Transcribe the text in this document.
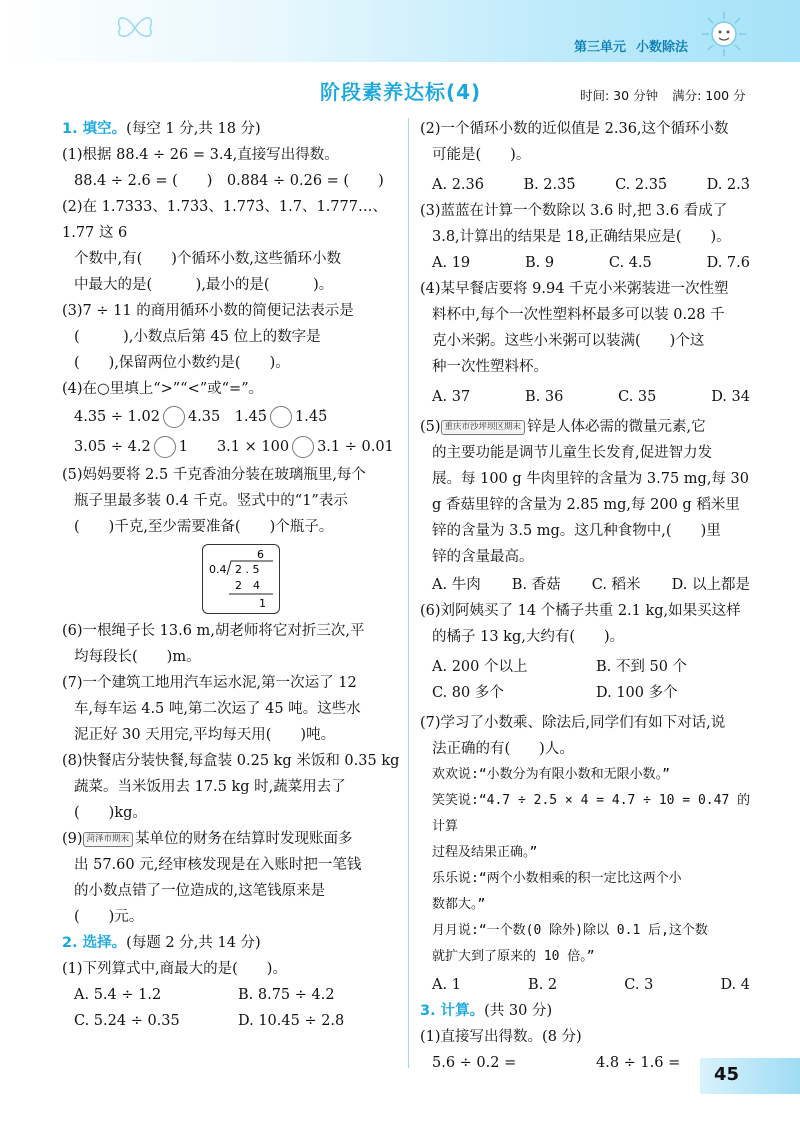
第三单元 小数除法
阶段素养达标(4)	时间: 30 分钟 满分: 100 分

1. 填空。(每空 1 分,共 18 分)

(1)根据 88.4 ÷ 26 = 3.4,直接写出得数。

88.4 ÷ 2.6 = (　　)　0.884 ÷ 0.26 = (　　)

(2)在 1.7333、1.73̇3̇、1.77̇3̇、1.7、1.777…、1.77 这 6

个数中,有(　　)个循环小数,这些循环小数

中最大的是(　　　),最小的是(　　　)。

(3)7 ÷ 11 的商用循环小数的简便记法表示是

(　　　),小数点后第 45 位上的数字是

(　　),保留两位小数约是(　　)。

(4)在○里填上“>”“<”或“=”。

4.35 ÷ 1.02 4.35　1.45̇ 1.4̇5̇

3.05 ÷ 4.2 1　　3.1 × 100 3.1 ÷ 0.01

(5)妈妈要将 2.5 千克香油分装在玻璃瓶里,每个

瓶子里最多装 0.4 千克。竖式中的“1”表示

(　　)千克,至少需要准备(　　)个瓶子。

6
0.4 2 . 5
2　4
1

(6)一根绳子长 13.6 m,胡老师将它对折三次,平

均每段长(　　)m。

(7)一个建筑工地用汽车运水泥,第一次运了 12

车,每车运 4.5 吨,第二次运了 45 吨。这些水

泥正好 30 天用完,平均每天用(　　)吨。

(8)快餐店分装快餐,每盒装 0.25 kg 米饭和 0.35 kg

蔬菜。当米饭用去 17.5 kg 时,蔬菜用去了

(　　)kg。

(9) 菏泽市期末 某单位的财务在结算时发现账面多

出 57.60 元,经审核发现是在入账时把一笔钱

的小数点错了一位造成的,这笔钱原来是

(　　)元。

2. 选择。(每题 2 分,共 14 分)

(1)下列算式中,商最大的是(　　)。

A. 5.4 ÷ 1.2	B. 8.75 ÷ 4.2
C. 5.24 ÷ 0.35	D. 10.45 ÷ 2.8

(2)一个循环小数的近似值是 2.36,这个循环小数

可能是(　　)。

A. 2.36̇	B. 2.3̇5̇	C. 2.35̇	D. 2.3̇

(3)蓝蓝在计算一个数除以 3.6 时,把 3.6 看成了

3.8,计算出的结果是 18,正确结果应是(　　)。

A. 19	B. 9	C. 4.5	D. 7.6

(4)某早餐店要将 9.94 千克小米粥装进一次性塑

料杯中,每个一次性塑料杯最多可以装 0.28 千

克小米粥。这些小米粥可以装满(　　)个这

种一次性塑料杯。

A. 37	B. 36	C. 35	D. 34

(5) 重庆市沙坪坝区期末 锌是人体必需的微量元素,它

的主要功能是调节儿童生长发育,促进智力发

展。每 100 g 牛肉里锌的含量为 3.75 mg,每 30

g 香菇里锌的含量为 2.85 mg,每 200 g 稻米里

锌的含量为 3.5 mg。这几种食物中,(　　)里

锌的含量最高。

A. 牛肉 B. 香菇 C. 稻米 D. 以上都是

(6)刘阿姨买了 14 个橘子共重 2.1 kg,如果买这样

的橘子 13 kg,大约有(　　)。

A. 200 个以上	B. 不到 50 个
C. 80 多个	D. 100 多个

(7)学习了小数乘、除法后,同学们有如下对话,说

法正确的有(　　)人。

欢欢说:“小数分为有限小数和无限小数。”

笑笑说:“4.7 ÷ 2.5 × 4 = 4.7 ÷ 10 = 0.47 的计算

过程及结果正确。”

乐乐说:“两个小数相乘的积一定比这两个小

数都大。”

月月说:“一个数(0 除外)除以 0.1 后,这个数

就扩大到了原来的 10 倍。”

A. 1	B. 2	C. 3	D. 4

3. 计算。(共 30 分)

(1)直接写出得数。(8 分)

5.6 ÷ 0.2 =	4.8 ÷ 1.6 =
45
